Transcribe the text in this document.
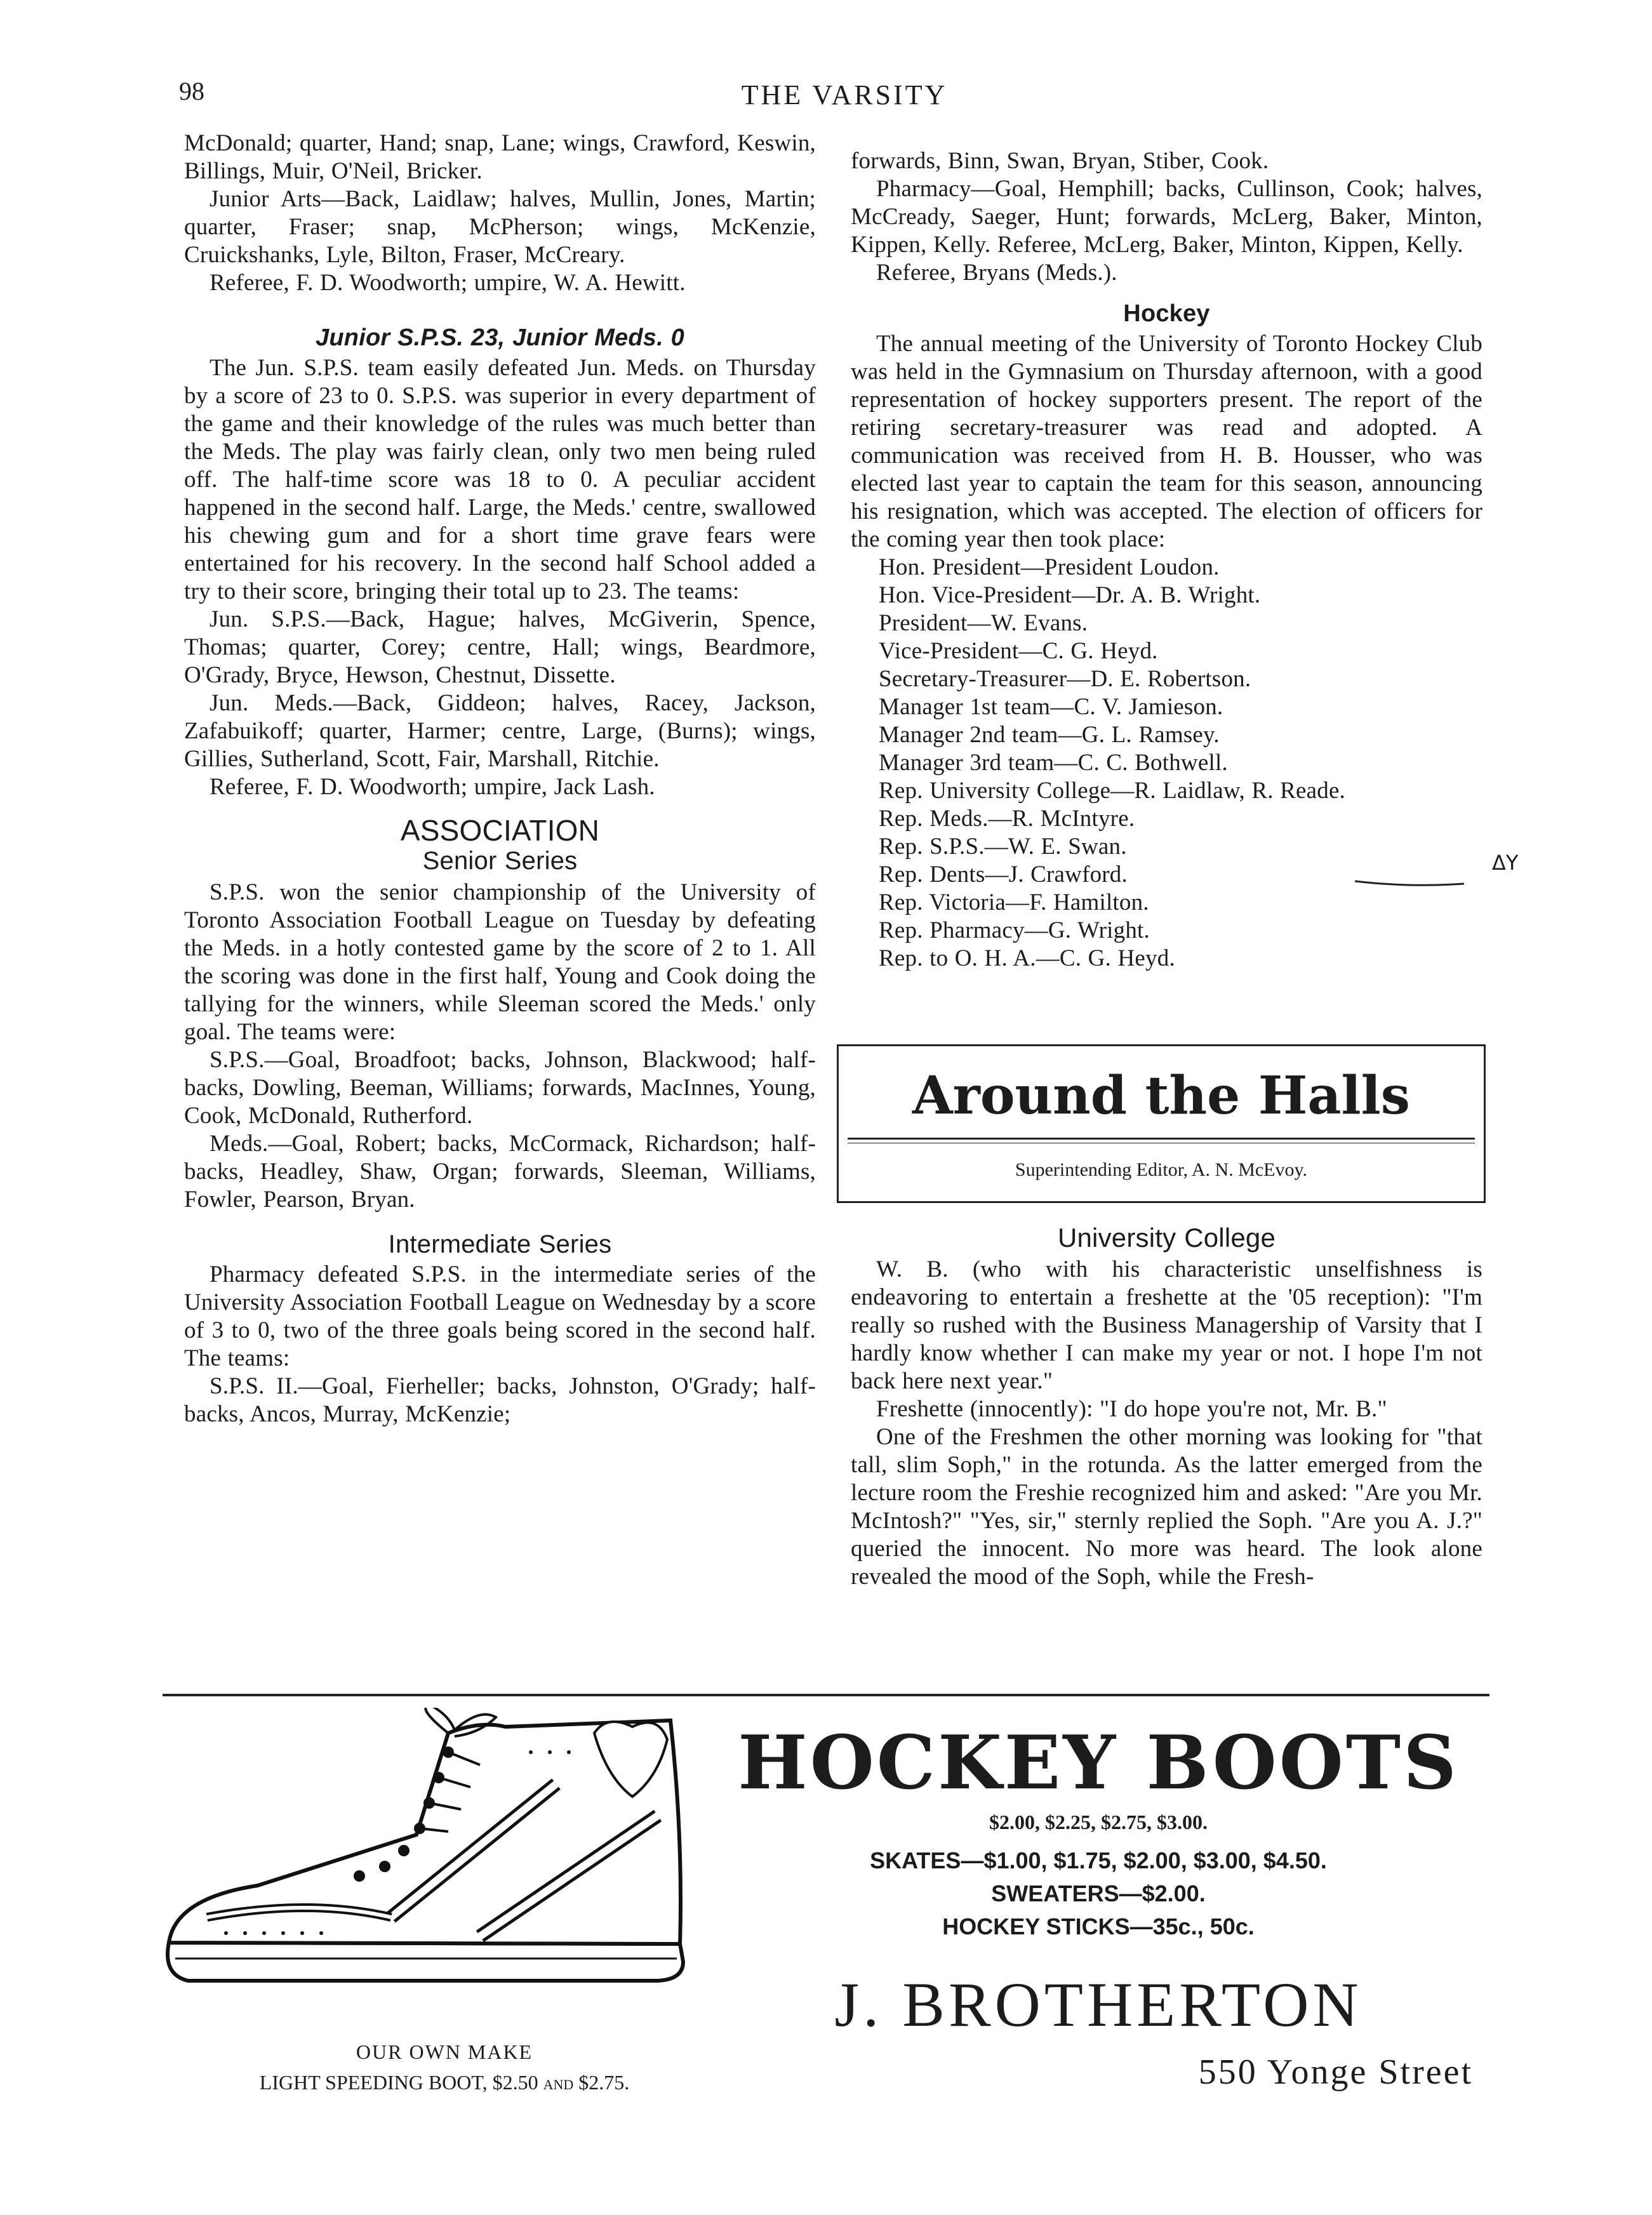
98	THE VARSITY

McDonald; quarter, Hand; snap, Lane; wings, Crawford, Keswin, Billings, Muir, O'Neil, Bricker.

Junior Arts—Back, Laidlaw; halves, Mullin, Jones, Martin; quarter, Fraser; snap, McPherson; wings, McKenzie, Cruickshanks, Lyle, Bilton, Fraser, McCreary.

Referee, F. D. Woodworth; umpire, W. A. Hewitt.

Junior S.P.S. 23, Junior Meds. 0

The Jun. S.P.S. team easily defeated Jun. Meds. on Thursday by a score of 23 to 0. S.P.S. was superior in every department of the game and their knowledge of the rules was much better than the Meds. The play was fairly clean, only two men being ruled off. The half-time score was 18 to 0. A peculiar accident happened in the second half. Large, the Meds.' centre, swallowed his chewing gum and for a short time grave fears were entertained for his recovery. In the second half School added a try to their score, bringing their total up to 23. The teams:

Jun. S.P.S.—Back, Hague; halves, McGiverin, Spence, Thomas; quarter, Corey; centre, Hall; wings, Beardmore, O'Grady, Bryce, Hewson, Chestnut, Dissette.

Jun. Meds.—Back, Giddeon; halves, Racey, Jackson, Zafabuikoff; quarter, Harmer; centre, Large, (Burns); wings, Gillies, Sutherland, Scott, Fair, Marshall, Ritchie.

Referee, F. D. Woodworth; umpire, Jack Lash.

ASSOCIATION
Senior Series

S.P.S. won the senior championship of the University of Toronto Association Football League on Tuesday by defeating the Meds. in a hotly contested game by the score of 2 to 1. All the scoring was done in the first half, Young and Cook doing the tallying for the winners, while Sleeman scored the Meds.' only goal. The teams were:

S.P.S.—Goal, Broadfoot; backs, Johnson, Blackwood; half-backs, Dowling, Beeman, Williams; forwards, MacInnes, Young, Cook, McDonald, Rutherford.

Meds.—Goal, Robert; backs, McCormack, Richardson; half-backs, Headley, Shaw, Organ; forwards, Sleeman, Williams, Fowler, Pearson, Bryan.

Intermediate Series

Pharmacy defeated S.P.S. in the intermediate series of the University Association Football League on Wednesday by a score of 3 to 0, two of the three goals being scored in the second half. The teams:

S.P.S. II.—Goal, Fierheller; backs, Johnston, O'Grady; half-backs, Ancos, Murray, McKenzie;

forwards, Binn, Swan, Bryan, Stiber, Cook.

Pharmacy—Goal, Hemphill; backs, Cullinson, Cook; halves, McCready, Saeger, Hunt; forwards, McLerg, Baker, Minton, Kippen, Kelly. Referee, McLerg, Baker, Minton, Kippen, Kelly.

Referee, Bryans (Meds.).

Hockey

The annual meeting of the University of Toronto Hockey Club was held in the Gymnasium on Thursday afternoon, with a good representation of hockey supporters present. The report of the retiring secretary-treasurer was read and adopted. A communication was received from H. B. Housser, who was elected last year to captain the team for this season, announcing his resignation, which was accepted. The election of officers for the coming year then took place:

Hon. President—President Loudon.
Hon. Vice-President—Dr. A. B. Wright.
President—W. Evans.
Vice-President—C. G. Heyd.
Secretary-Treasurer—D. E. Robertson.
Manager 1st team—C. V. Jamieson.
Manager 2nd team—G. L. Ramsey.
Manager 3rd team—C. C. Bothwell.
Rep. University College—R. Laidlaw, R. Reade.
Rep. Meds.—R. McIntyre.
Rep. S.P.S.—W. E. Swan.
Rep. Dents—J. Crawford.
Rep. Victoria—F. Hamilton.
Rep. Pharmacy—G. Wright.
Rep. to O. H. A.—C. G. Heyd.
ΔY
Around the Halls
Superintending Editor, A. N. McEvoy.
University College

W. B. (who with his characteristic unselfishness is endeavoring to entertain a freshette at the '05 reception): "I'm really so rushed with the Business Managership of Varsity that I hardly know whether I can make my year or not. I hope I'm not back here next year."

Freshette (innocently): "I do hope you're not, Mr. B."

One of the Freshmen the other morning was looking for "that tall, slim Soph," in the rotunda. As the latter emerged from the lecture room the Freshie recognized him and asked: "Are you Mr. McIntosh?" "Yes, sir," sternly replied the Soph. "Are you A. J.?" queried the innocent. No more was heard. The look alone revealed the mood of the Soph, while the Fresh-

OUR OWN MAKE
LIGHT SPEEDING BOOT, $2.50 and $2.75.
HOCKEY BOOTS
$2.00, $2.25, $2.75, $3.00.
SKATES—$1.00, $1.75, $2.00, $3.00, $4.50.
SWEATERS—$2.00.
HOCKEY STICKS—35c., 50c.
J. BROTHERTON
550 Yonge Street
